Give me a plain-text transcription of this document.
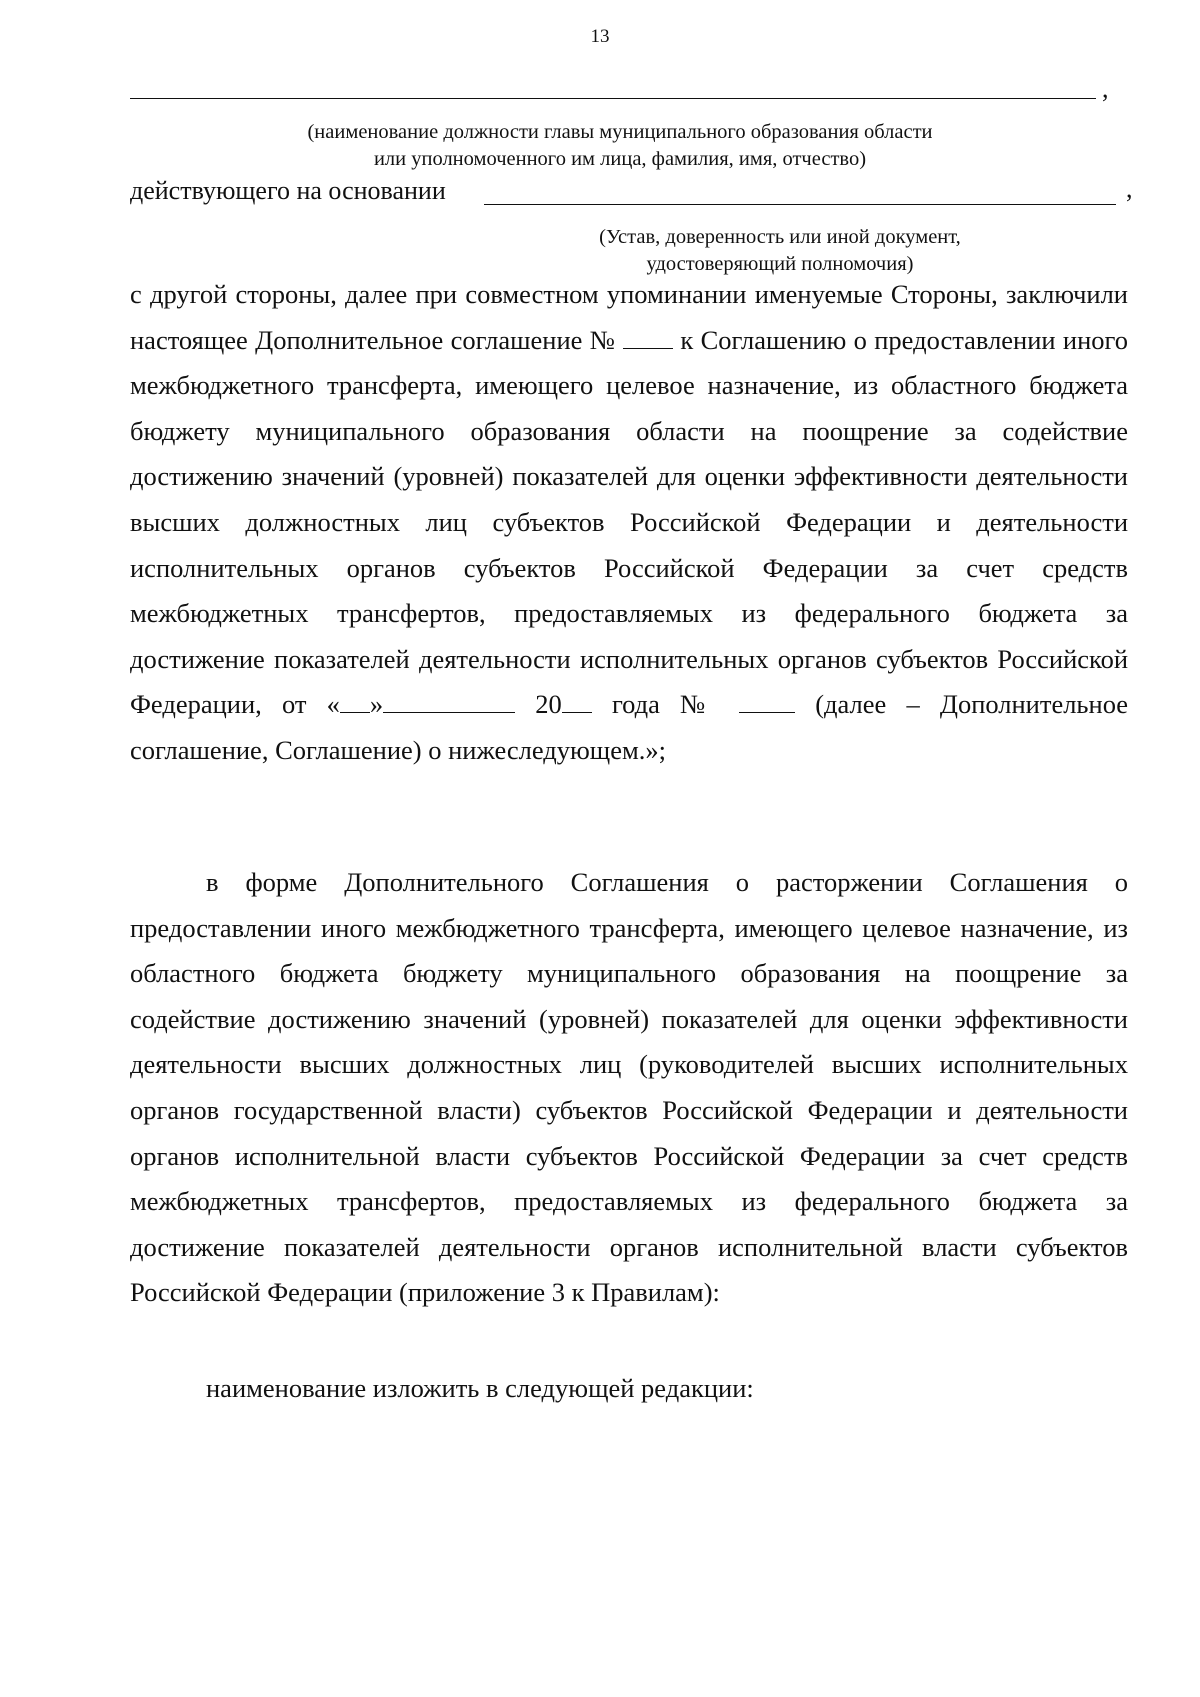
13
,
(наименование должности главы муниципального образования области
или уполномоченного им лица, фамилия, имя, отчество)
действующего на основании	,
(Устав, доверенность или иной документ,
удостоверяющий полномочия)

с другой стороны, далее при совместном упоминании именуемые Стороны, заключили настоящее Дополнительное соглашение № к Соглашению о предоставлении иного межбюджетного трансферта, имеющего целевое назначение, из областного бюджета бюджету муниципального образования области на поощрение за содействие достижению значений (уровней) показателей для оценки эффективности деятельности высших должностных лиц субъектов Российской Федерации и деятельности исполнительных органов субъектов Российской Федерации за счет средств межбюджетных трансфертов, предоставляемых из федерального бюджета за достижение показателей деятельности исполнительных органов субъектов Российской Федерации, от « »	20 года №	(далее – Дополнительное соглашение, Соглашение) о нижеследующем.»;

в форме Дополнительного Соглашения о расторжении Соглашения о предоставлении иного межбюджетного трансферта, имеющего целевое назначение, из областного бюджета бюджету муниципального образования на поощрение за содействие достижению значений (уровней) показателей для оценки эффективности деятельности высших должностных лиц (руководителей высших исполнительных органов государственной власти) субъектов Российской Федерации и деятельности органов исполнительной власти субъектов Российской Федерации за счет средств межбюджетных трансфертов, предоставляемых из федерального бюджета за достижение показателей деятельности органов исполнительной власти субъектов Российской Федерации (приложение 3 к Правилам):

наименование изложить в следующей редакции:
